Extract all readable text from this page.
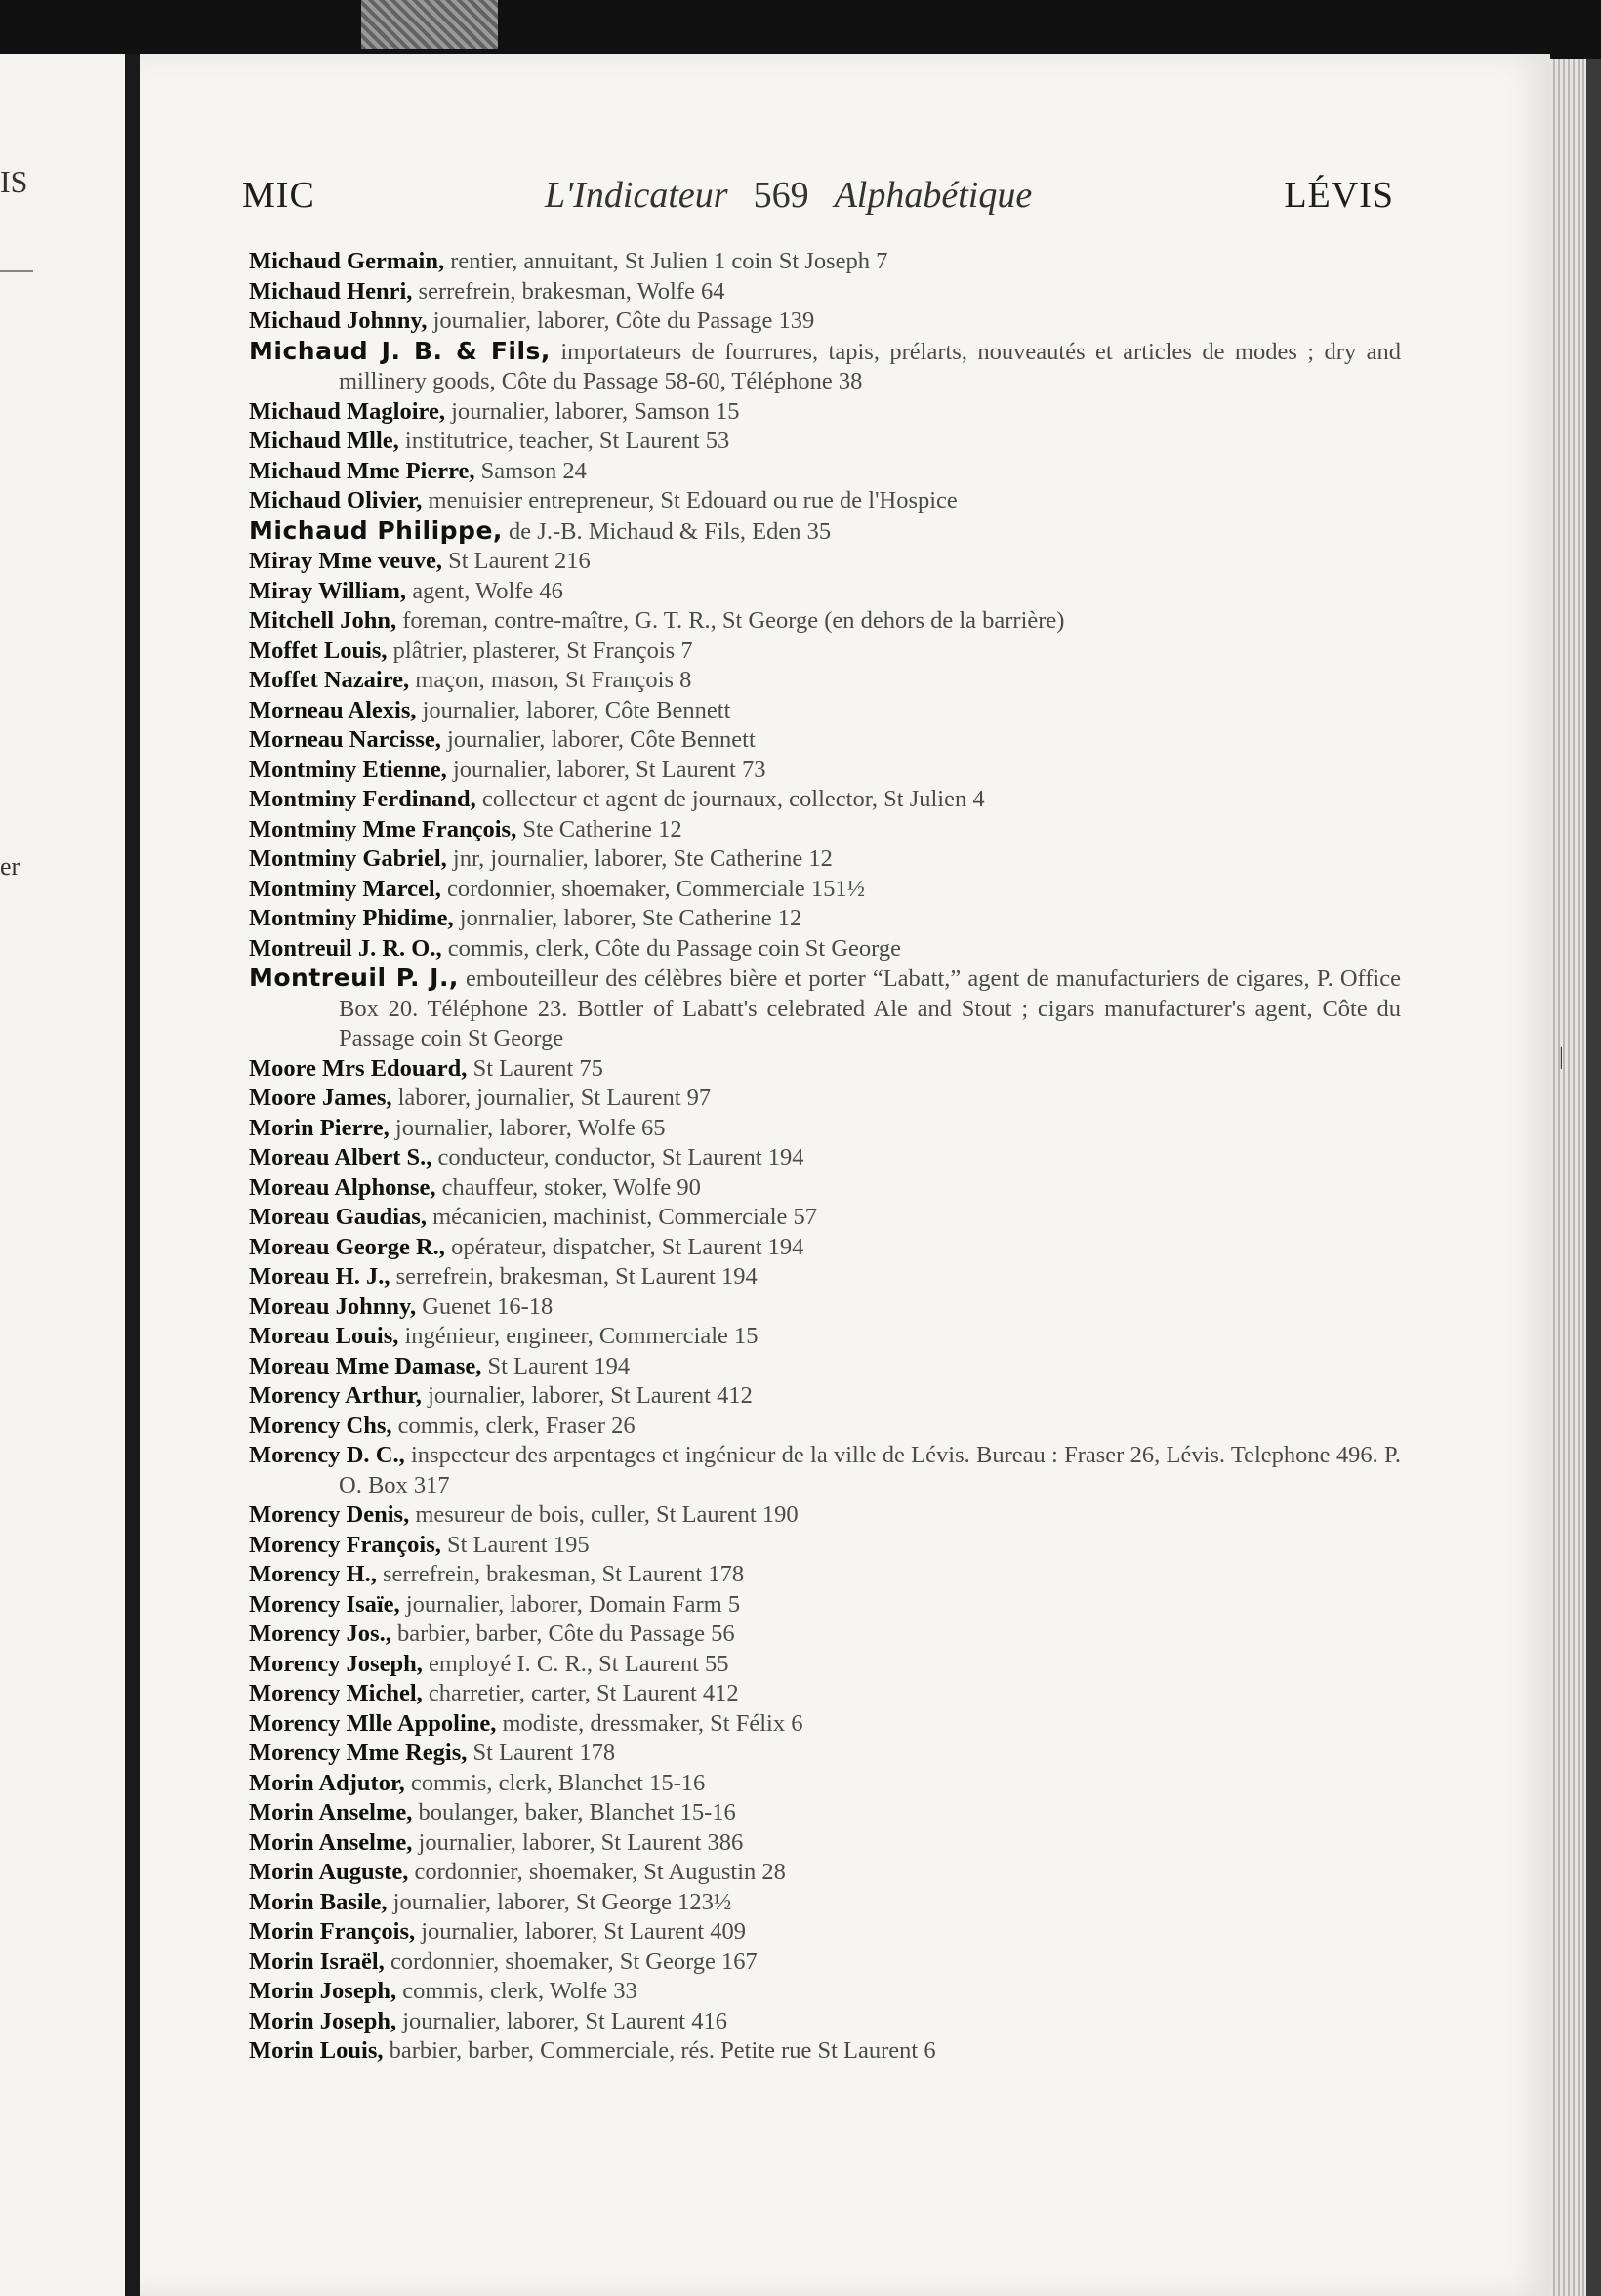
IS
er
|
MIC	L'Indicateur 569 Alphabétique	LÉVIS
Michaud Germain, rentier, annuitant, St Julien 1 coin St Joseph 7
Michaud Henri, serrefrein, brakesman, Wolfe 64
Michaud Johnny, journalier, laborer, Côte du Passage 139
Michaud J. B. & Fils, importateurs de fourrures, tapis, prélarts, nouveautés et articles de modes ; dry and millinery goods, Côte du Passage 58-60, Téléphone 38
Michaud Magloire, journalier, laborer, Samson 15
Michaud Mlle, institutrice, teacher, St Laurent 53
Michaud Mme Pierre, Samson 24
Michaud Olivier, menuisier entrepreneur, St Edouard ou rue de l'Hospice
Michaud Philippe, de J.-B. Michaud & Fils, Eden 35
Miray Mme veuve, St Laurent 216
Miray William, agent, Wolfe 46
Mitchell John, foreman, contre-maître, G. T. R., St George (en dehors de la barrière)
Moffet Louis, plâtrier, plasterer, St François 7
Moffet Nazaire, maçon, mason, St François 8
Morneau Alexis, journalier, laborer, Côte Bennett
Morneau Narcisse, journalier, laborer, Côte Bennett
Montminy Etienne, journalier, laborer, St Laurent 73
Montminy Ferdinand, collecteur et agent de journaux, collector, St Julien 4
Montminy Mme François, Ste Catherine 12
Montminy Gabriel, jnr, journalier, laborer, Ste Catherine 12
Montminy Marcel, cordonnier, shoemaker, Commerciale 151½
Montminy Phidime, jonrnalier, laborer, Ste Catherine 12
Montreuil J. R. O., commis, clerk, Côte du Passage coin St George
Montreuil P. J., embouteilleur des célèbres bière et porter “Labatt,” agent de manufacturiers de cigares, P. Office Box 20. Téléphone 23. Bottler of Labatt's celebrated Ale and Stout ; cigars manufacturer's agent, Côte du Passage coin St George
Moore Mrs Edouard, St Laurent 75
Moore James, laborer, journalier, St Laurent 97
Morin Pierre, journalier, laborer, Wolfe 65
Moreau Albert S., conducteur, conductor, St Laurent 194
Moreau Alphonse, chauffeur, stoker, Wolfe 90
Moreau Gaudias, mécanicien, machinist, Commerciale 57
Moreau George R., opérateur, dispatcher, St Laurent 194
Moreau H. J., serrefrein, brakesman, St Laurent 194
Moreau Johnny, Guenet 16-18
Moreau Louis, ingénieur, engineer, Commerciale 15
Moreau Mme Damase, St Laurent 194
Morency Arthur, journalier, laborer, St Laurent 412
Morency Chs, commis, clerk, Fraser 26
Morency D. C., inspecteur des arpentages et ingénieur de la ville de Lévis. Bureau : Fraser 26, Lévis. Telephone 496. P. O. Box 317
Morency Denis, mesureur de bois, culler, St Laurent 190
Morency François, St Laurent 195
Morency H., serrefrein, brakesman, St Laurent 178
Morency Isaïe, journalier, laborer, Domain Farm 5
Morency Jos., barbier, barber, Côte du Passage 56
Morency Joseph, employé I. C. R., St Laurent 55
Morency Michel, charretier, carter, St Laurent 412
Morency Mlle Appoline, modiste, dressmaker, St Félix 6
Morency Mme Regis, St Laurent 178
Morin Adjutor, commis, clerk, Blanchet 15-16
Morin Anselme, boulanger, baker, Blanchet 15-16
Morin Anselme, journalier, laborer, St Laurent 386
Morin Auguste, cordonnier, shoemaker, St Augustin 28
Morin Basile, journalier, laborer, St George 123½
Morin François, journalier, laborer, St Laurent 409
Morin Israël, cordonnier, shoemaker, St George 167
Morin Joseph, commis, clerk, Wolfe 33
Morin Joseph, journalier, laborer, St Laurent 416
Morin Louis, barbier, barber, Commerciale, rés. Petite rue St Laurent 6
